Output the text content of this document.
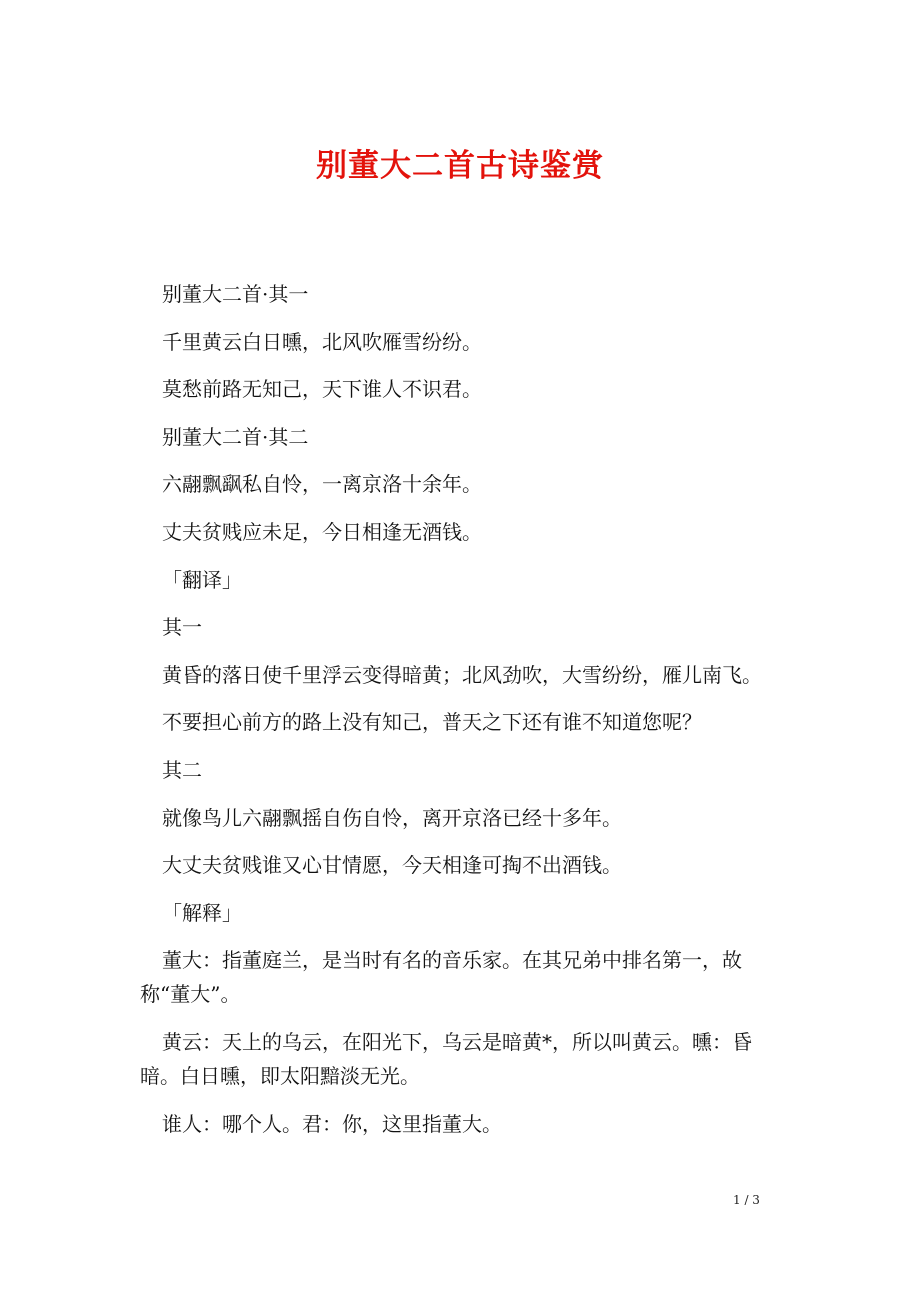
别董大二首古诗鉴赏

别董大二首·其一

千里黄云白日曛，北风吹雁雪纷纷。

莫愁前路无知己，天下谁人不识君。

别董大二首·其二

六翮飘飖私自怜，一离京洛十余年。

丈夫贫贱应未足，今日相逢无酒钱。

「翻译」

其一

黄昏的落日使千里浮云变得暗黄；北风劲吹，大雪纷纷，雁儿南飞。

不要担心前方的路上没有知己，普天之下还有谁不知道您呢？

其二

就像鸟儿六翮飘摇自伤自怜，离开京洛已经十多年。

大丈夫贫贱谁又心甘情愿，今天相逢可掏不出酒钱。

「解释」

董大：指董庭兰，是当时有名的音乐家。在其兄弟中排名第一，故称“董大”。

黄云：天上的乌云，在阳光下，乌云是暗黄*，所以叫黄云。曛：昏暗。白日曛，即太阳黯淡无光。

谁人：哪个人。君：你，这里指董大。

1 / 3
